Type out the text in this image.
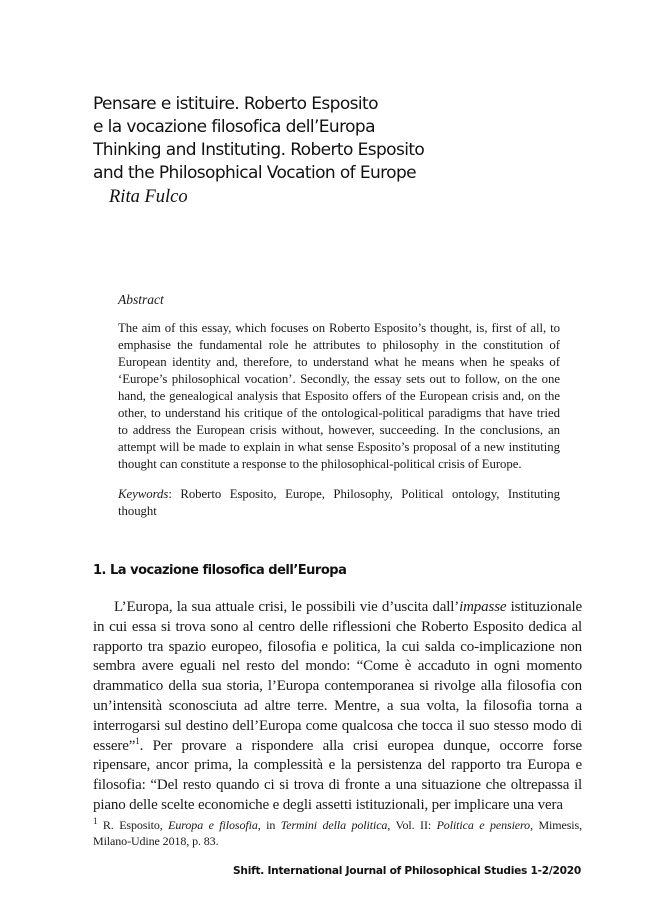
Pensare e istituire. Roberto Esposito
e la vocazione filosofica dell’Europa
Thinking and Instituting. Roberto Esposito
and the Philosophical Vocation of Europe
Rita Fulco

Abstract

The aim of this essay, which focuses on Roberto Esposito’s thought, is, first of all, to emphasise the fundamental role he attributes to philosophy in the constitution of European identity and, therefore, to understand what he means when he speaks of ‘Europe’s philosophical vocation’. Secondly, the essay sets out to follow, on the one hand, the genealogical analysis that Esposito offers of the European crisis and, on the other, to understand his critique of the ontological-political paradigms that have tried to address the European crisis without, however, succeeding. In the conclusions, an attempt will be made to explain in what sense Esposito’s proposal of a new instituting thought can constitute a response to the philosophical-political crisis of Europe.

Keywords: Roberto Esposito, Europe, Philosophy, Political ontology, Instituting thought

1. La vocazione filosofica dell’Europa

L’Europa, la sua attuale crisi, le possibili vie d’uscita dall’impasse istituzionale in cui essa si trova sono al centro delle riflessioni che Roberto Esposito dedica al rapporto tra spazio europeo, filosofia e politica, la cui salda co-implicazione non sembra avere eguali nel resto del mondo: “Come è accaduto in ogni momento drammatico della sua storia, l’Europa contemporanea si rivolge alla filosofia con un’intensità sconosciuta ad altre terre. Mentre, a sua volta, la filosofia torna a interrogarsi sul destino dell’Europa come qualcosa che tocca il suo stesso modo di essere”$^1$. Per provare a rispondere alla crisi europea dunque, occorre forse ripensare, ancor prima, la complessità e la persistenza del rapporto tra Europa e filosofia: “Del resto quando ci si trova di fronte a una situazione che oltrepassa il piano delle scelte economiche e degli assetti istituzionali, per implicare una vera

$^1$ R. Esposito, Europa e filosofia, in Termini della politica, Vol. II: Politica e pensiero, Mimesis, Milano-Udine 2018, p. 83.

Shift. International Journal of Philosophical Studies 1-2/2020
